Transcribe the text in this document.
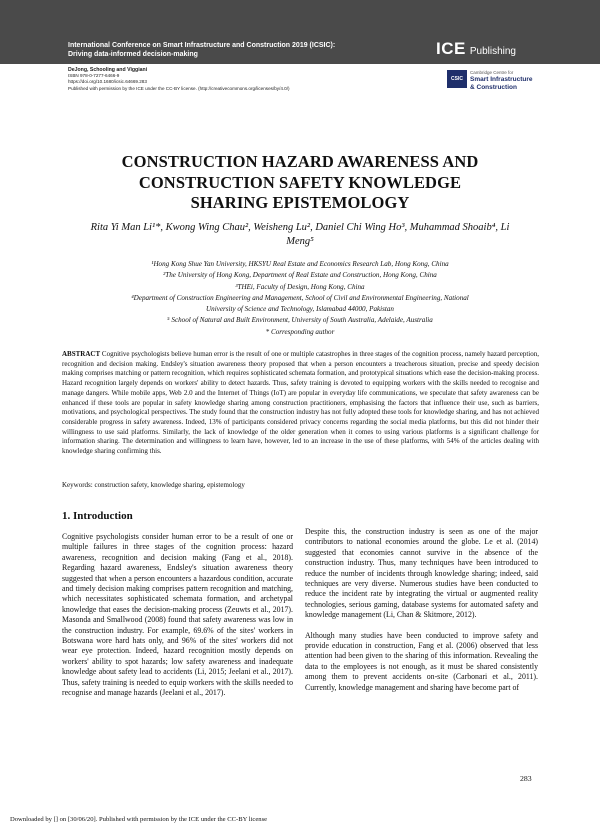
International Conference on Smart Infrastructure and Construction 2019 (ICSIC):
Driving data-informed decision-making	ICE Publishing
DeJong, Schooling and Viggiani
ISBN 978-0-7277-6466-9
https://doi.org/10.1680/icsic.64669.283
Published with permission by the ICE under the CC-BY license. (http://creativecommons.org/licenses/by/4.0/)
CSIC
Cambridge Centre for
Smart Infrastructure
& Construction
CONSTRUCTION HAZARD AWARENESS AND
CONSTRUCTION SAFETY KNOWLEDGE
SHARING EPISTEMOLOGY
Rita Yi Man Li¹*, Kwong Wing Chau², Weisheng Lu², Daniel Chi Wing Ho³, Muhammad Shoaib⁴, Li
Meng⁵
¹Hong Kong Shue Yan University, HKSYU Real Estate and Economics Research Lab, Hong Kong, China
²The University of Hong Kong, Department of Real Estate and Construction, Hong Kong, China
³THEi, Faculty of Design, Hong Kong, China
⁴Department of Construction Engineering and Management, School of Civil and Environmental Engineering, National
University of Science and Technology, Islamabad 44000, Pakistan
⁵ School of Natural and Built Environment, University of South Australia, Adelaide, Australia
* Corresponding author
ABSTRACT Cognitive psychologists believe human error is the result of one or multiple catastrophes in three stages of the cognition process, namely hazard perception, recognition and decision making. Endsley's situation awareness theory proposed that when a person encounters a treacherous situation, precise and speedy decision making comprises matching or pattern recognition, which requires sophisticated schemata formation, and prototypical situations which ease the decision-making process. Hazard recognition largely depends on workers' ability to detect hazards. Thus, safety training is devoted to equipping workers with the skills needed to recognise and manage dangers. While mobile apps, Web 2.0 and the Internet of Things (IoT) are popular in everyday life communications, we speculate that safety awareness can be enhanced if these tools are popular in safety knowledge sharing among construction practitioners, emphasising the factors that influence their use, such as barriers, motivations, and psychological perspectives. The study found that the construction industry has not fully adopted these tools for knowledge sharing, and has not achieved considerable progress in safety awareness. Indeed, 13% of participants considered privacy concerns regarding the social media platforms, but this did not hinder their willingness to use said platforms. Similarly, the lack of knowledge of the older generation when it comes to using various platforms is a significant challenge for information sharing. The determination and willingness to learn have, however, led to an increase in the use of these platforms, with 54% of the articles dealing with knowledge sharing confirming this.
Keywords: construction safety, knowledge sharing, epistemology
1. Introduction

Cognitive psychologists consider human error to be a result of one or multiple failures in three stages of the cognition process: hazard awareness, recognition and decision making (Fang et al., 2018). Regarding hazard awareness, Endsley's situation awareness theory suggested that when a person encounters a hazardous condition, accurate and timely decision making comprises pattern recognition and matching, which necessitates sophisticated schemata formation, and archetypal knowledge that eases the decision-making process (Zeuwts et al., 2017). Masonda and Smallwood (2008) found that safety awareness was low in the construction industry. For example, 69.6% of the sites' workers in Botswana wore hard hats only, and 96% of the sites' workers did not wear eye protection. Indeed, hazard recognition mostly depends on workers' ability to spot hazards; low safety awareness and inadequate knowledge about safety lead to accidents (Li, 2015; Jeelani et al., 2017). Thus, safety training is needed to equip workers with the skills needed to recognise and manage hazards (Jeelani et al., 2017).

Despite this, the construction industry is seen as one of the major contributors to national economies around the globe. Le et al. (2014) suggested that economies cannot survive in the absence of the construction industry. Thus, many techniques have been introduced to reduce the number of incidents through knowledge sharing; indeed, said techniques are very diverse. Numerous studies have been conducted to reduce the incident rate by integrating the virtual or augmented reality technologies, serious gaming, database systems for automated safety and knowledge management (Li, Chan & Skitmore, 2012).

Although many studies have been conducted to improve safety and provide education in construction, Fang et al. (2006) observed that less attention had been given to the sharing of this information. Revealing the data to the employees is not enough, as it must be shared consistently among them to prevent accidents on-site (Carbonari et al., 2011). Currently, knowledge management and sharing have become part of

283
Downloaded by [] on [30/06/20]. Published with permission by the ICE under the CC-BY license
